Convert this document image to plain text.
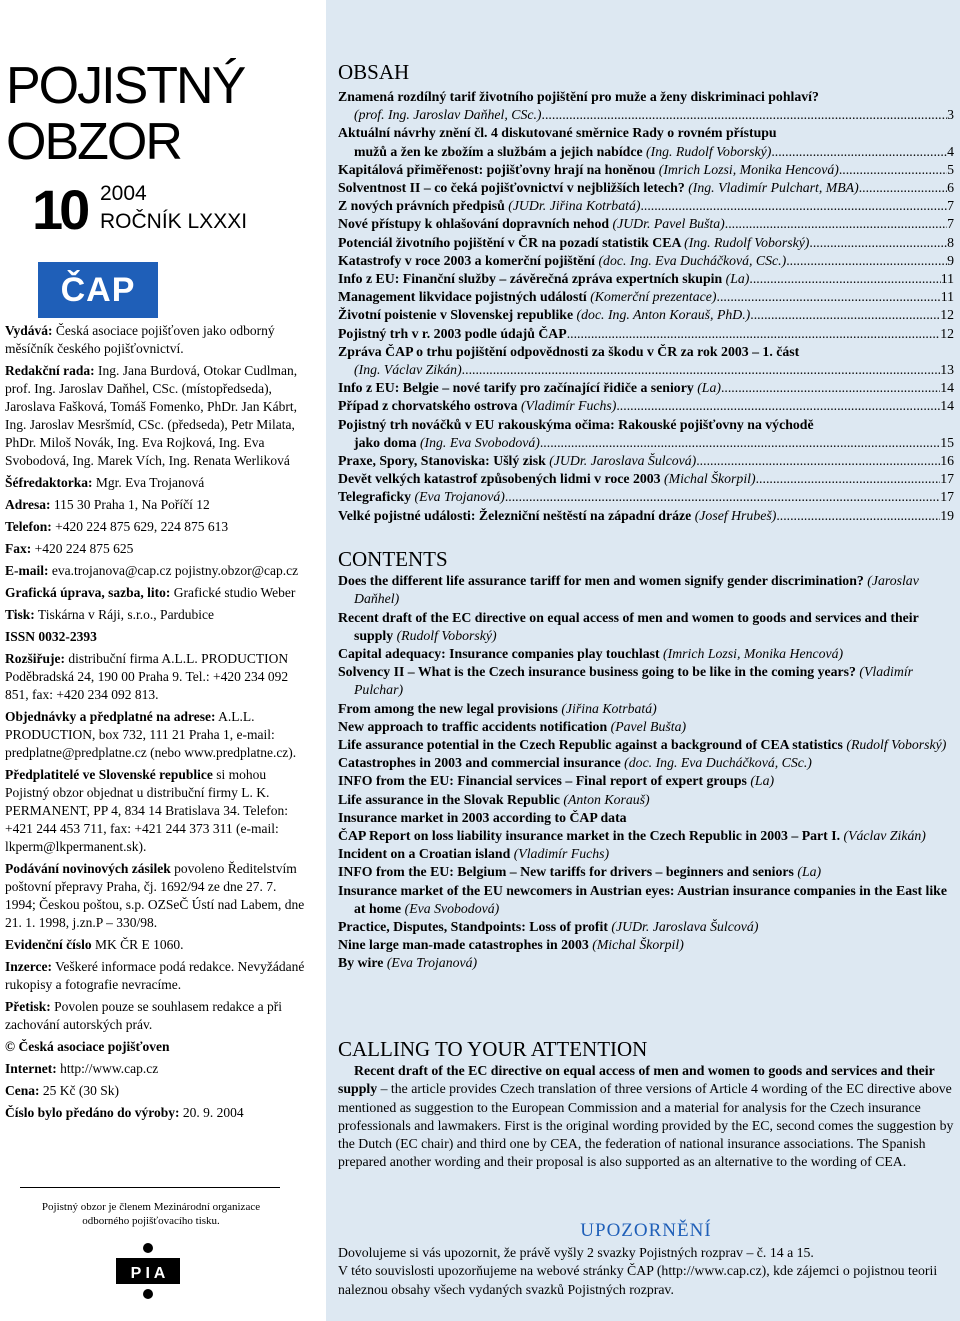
POJISTNÝ
OBZOR
10 2004
ROČNÍK LXXXI
ČAP

Vydává: Česká asociace pojišťoven jako odborný měsíčník českého pojišťovnictví.

Redakční rada: Ing. Jana Burdová, Otokar Cudlman, prof. Ing. Jaroslav Daňhel, CSc. (místopředseda), Jaroslava Fašková, Tomáš Fomenko, PhDr. Jan Kábrt, Ing. Jaroslav Mesršmíd, CSc. (předseda), Petr Milata, PhDr. Miloš Novák, Ing. Eva Rojková, Ing. Eva Svobodová, Ing. Marek Vích, Ing. Renata Werliková

Šéfredaktorka: Mgr. Eva Trojanová

Adresa: 115 30 Praha 1, Na Poříčí 12

Telefon: +420 224 875 629, 224 875 613

Fax: +420 224 875 625

E-mail: eva.trojanova@cap.cz pojistny.obzor@cap.cz

Grafická úprava, sazba, lito: Grafické studio Weber

Tisk: Tiskárna v Ráji, s.r.o., Pardubice

ISSN 0032-2393

Rozšiřuje: distribuční firma A.L.L. PRODUCTION Poděbradská 24, 190 00 Praha 9. Tel.: +420 234 092 851, fax: +420 234 092 813.

Objednávky a předplatné na adrese: A.L.L. PRODUCTION, box 732, 111 21 Praha 1, e-mail: predplatne@predplatne.cz (nebo www.predplatne.cz).

Předplatitelé ve Slovenské republice si mohou Pojistný obzor objednat u distribuční firmy L. K. PERMANENT, PP 4, 834 14 Bratislava 34. Telefon: +421 244 453 711, fax: +421 244 373 311 (e-mail: lkperm@lkpermanent.sk).

Podávání novinových zásilek povoleno Ředitelstvím poštovní přepravy Praha, čj. 1692/94 ze dne 27. 7. 1994; Českou poštou, s.p. OZSeČ Ústí nad Labem, dne 21. 1. 1998, j.zn.P – 330/98.

Evidenční číslo MK ČR E 1060.

Inzerce: Veškeré informace podá redakce. Nevyžádané rukopisy a fotografie nevracíme.

Přetisk: Povolen pouze se souhlasem redakce a při zachování autorských práv.

© Česká asociace pojišťoven

Internet: http://www.cap.cz

Cena: 25 Kč (30 Sk)

Číslo bylo předáno do výroby: 20. 9. 2004

Pojistný obzor je členem Mezinárodní organizace odborného pojišťovacího tisku.
P I A
OBSAH
Znamená rozdílný tarif životního pojištění pro muže a ženy diskriminaci pohlaví?
(prof. Ing. Jaroslav Daňhel, CSc.) .....	3
Aktuální návrhy znění čl. 4 diskutované směrnice Rady o rovném přístupu
mužů a žen ke zbožím a službám a jejich nabídce (Ing. Rudolf Voborský) .....	4
Kapitálová přiměřenost: pojišťovny hrají na honěnou (Imrich Lozsi, Monika Hencová) .....	5
Solventnost II – co čeká pojišťovnictví v nejbližších letech? (Ing. Vladimír Pulchart, MBA) .....	6
Z nových právních předpisů (JUDr. Jiřina Kotrbatá) .....	7
Nové přístupy k ohlašování dopravních nehod (JUDr. Pavel Bušta) .....	7
Potenciál životního pojištění v ČR na pozadí statistik CEA (Ing. Rudolf Voborský) .....	8
Katastrofy v roce 2003 a komerční pojištění (doc. Ing. Eva Ducháčková, CSc.) .....	9
Info z EU: Finanční služby – závěrečná zpráva expertních skupin (La) .....	11
Management likvidace pojistných událostí (Komerční prezentace) .....	11
Životní poistenie v Slovenskej republike (doc. Ing. Anton Korauš, PhD.) .....	12
Pojistný trh v r. 2003 podle údajů ČAP .....	12
Zpráva ČAP o trhu pojištění odpovědnosti za škodu v ČR za rok 2003 – 1. část
(Ing. Václav Zikán) .....	13
Info z EU: Belgie – nové tarify pro začínající řidiče a seniory (La) .....	14
Případ z chorvatského ostrova (Vladimír Fuchs) .....	14
Pojistný trh nováčků v EU rakouskýma očima: Rakouské pojišťovny na východě
jako doma (Ing. Eva Svobodová) .....	15
Praxe, Spory, Stanoviska: Ušlý zisk (JUDr. Jaroslava Šulcová) .....	16
Devět velkých katastrof způsobených lidmi v roce 2003 (Michal Škorpil) .....	17
Telegraficky (Eva Trojanová) .....	17
Velké pojistné události: Železniční neštěstí na západní dráze (Josef Hrubeš) .....	19
CONTENTS
Does the different life assurance tariff for men and women signify gender discrimination? (Jaroslav Daňhel)
Recent draft of the EC directive on equal access of men and women to goods and services and their supply (Rudolf Voborský)
Capital adequacy: Insurance companies play touchlast (Imrich Lozsi, Monika Hencová)
Solvency II – What is the Czech insurance business going to be like in the coming years? (Vladimír Pulchar)
From among the new legal provisions (Jiřina Kotrbatá)
New approach to traffic accidents notification (Pavel Bušta)
Life assurance potential in the Czech Republic against a background of CEA statistics (Rudolf Voborský)
Catastrophes in 2003 and commercial insurance (doc. Ing. Eva Ducháčková, CSc.)
INFO from the EU: Financial services – Final report of expert groups (La)
Life assurance in the Slovak Republic (Anton Korauš)
Insurance market in 2003 according to ČAP data
ČAP Report on loss liability insurance market in the Czech Republic in 2003 – Part I. (Václav Zikán)
Incident on a Croatian island (Vladimír Fuchs)
INFO from the EU: Belgium – New tariffs for drivers – beginners and seniors (La)
Insurance market of the EU newcomers in Austrian eyes: Austrian insurance companies in the East like at home (Eva Svobodová)
Practice, Disputes, Standpoints: Loss of profit (JUDr. Jaroslava Šulcová)
Nine large man-made catastrophes in 2003 (Michal Škorpil)
By wire (Eva Trojanová)
CALLING TO YOUR ATTENTION

Recent draft of the EC directive on equal access of men and women to goods and services and their supply – the article provides Czech translation of three versions of Article 4 wording of the EC directive above mentioned as suggestion to the European Commission and a material for analysis for the Czech insurance professionals and lawmakers. First is the original wording provided by the EC, second comes the suggestion by the Dutch (EC chair) and third one by CEA, the federation of national insurance associations. The Spanish prepared another wording and their proposal is also supported as an alternative to the wording of CEA.

UPOZORNĚNÍ

Dovolujeme si vás upozornit, že právě vyšly 2 svazky Pojistných rozprav – č. 14 a 15.

V této souvislosti upozorňujeme na webové stránky ČAP (http://www.cap.cz), kde zájemci o pojistnou teorii naleznou obsahy všech vydaných svazků Pojistných rozprav.
